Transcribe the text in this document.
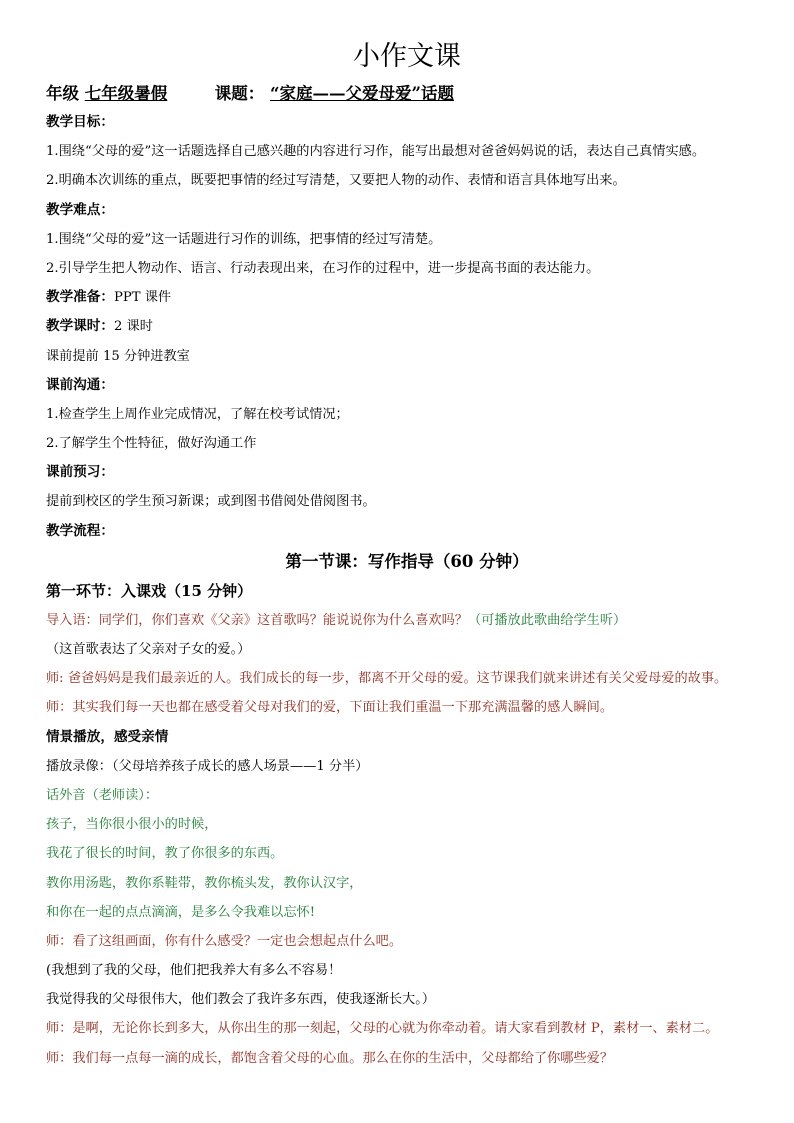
小作文课
年级 七年级暑假	课题： “家庭——父爱母爱”话题
教学目标：
1.围绕“父母的爱”这一话题选择自己感兴趣的内容进行习作，能写出最想对爸爸妈妈说的话，表达自己真情实感。
2.明确本次训练的重点，既要把事情的经过写清楚，又要把人物的动作、表情和语言具体地写出来。
教学难点：
1.围绕“父母的爱”这一话题进行习作的训练，把事情的经过写清楚。
2.引导学生把人物动作、语言、行动表现出来，在习作的过程中，进一步提高书面的表达能力。
教学准备：PPT 课件
教学课时：2 课时
课前提前 15 分钟进教室
课前沟通：
1.检查学生上周作业完成情况，了解在校考试情况；
2.了解学生个性特征，做好沟通工作
课前预习：
提前到校区的学生预习新课；或到图书借阅处借阅图书。
教学流程：
第一节课：写作指导（60 分钟）
第一环节：入课戏（15 分钟）
导入语：同学们，你们喜欢《父亲》这首歌吗？能说说你为什么喜欢吗？（可播放此歌曲给学生听）
（这首歌表达了父亲对子女的爱。）
师: 爸爸妈妈是我们最亲近的人。我们成长的每一步，都离不开父母的爱。这节课我们就来讲述有关父爱母爱的故事。
师：其实我们每一天也都在感受着父母对我们的爱，下面让我们重温一下那充满温馨的感人瞬间。
情景播放，感受亲情
播放录像：（父母培养孩子成长的感人场景——1 分半）
话外音（老师读）：
孩子，当你很小很小的时候，
我花了很长的时间，教了你很多的东西。
教你用汤匙，教你系鞋带，教你梳头发，教你认汉字，
和你在一起的点点滴滴，是多么令我难以忘怀!
师：看了这组画面，你有什么感受？一定也会想起点什么吧。
(我想到了我的父母，他们把我养大有多么不容易！
我觉得我的父母很伟大，他们教会了我许多东西，使我逐渐长大。）
师：是啊，无论你长到多大，从你出生的那一刻起，父母的心就为你牵动着。请大家看到教材 P，素材一、素材二。
师：我们每一点每一滴的成长，都饱含着父母的心血。那么在你的生活中，父母都给了你哪些爱？
